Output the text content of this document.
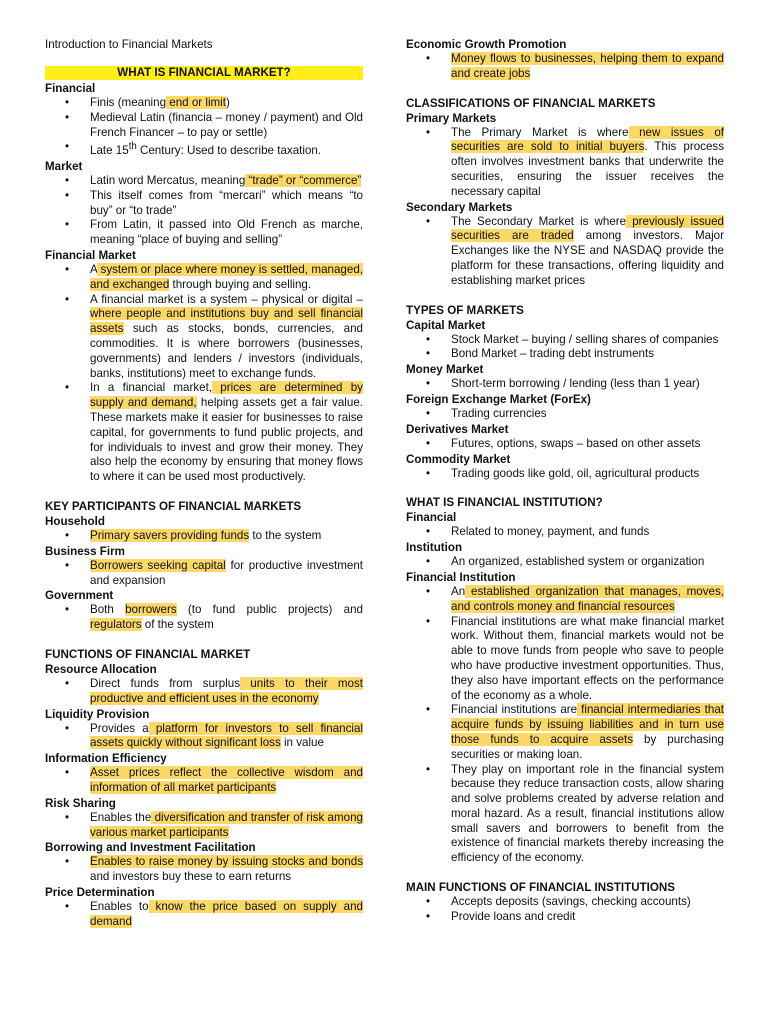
Introduction to Financial Markets
WHAT IS FINANCIAL MARKET?
Financial
• Finis (meaning end or limit)
• Medieval Latin (financia – money / payment) and Old French Financer – to pay or settle)
• Late 15th Century: Used to describe taxation.
Market
• Latin word Mercatus, meaning “trade” or “commerce”
• This itself comes from “mercari” which means “to buy” or “to trade”
• From Latin, it passed into Old French as marche, meaning “place of buying and selling”
Financial Market
• A system or place where money is settled, managed, and exchanged through buying and selling.
• A financial market is a system – physical or digital – where people and institutions buy and sell financial assets such as stocks, bonds, currencies, and commodities. It is where borrowers (businesses, governments) and lenders / investors (individuals, banks, institutions) meet to exchange funds.
• In a financial market, prices are determined by supply and demand, helping assets get a fair value. These markets make it easier for businesses to raise capital, for governments to fund public projects, and for individuals to invest and grow their money. They also help the economy by ensuring that money flows to where it can be used most productively.
KEY PARTICIPANTS OF FINANCIAL MARKETS
Household
• Primary savers providing funds to the system
Business Firm
• Borrowers seeking capital for productive investment and expansion
Government
• Both borrowers (to fund public projects) and regulators of the system
FUNCTIONS OF FINANCIAL MARKET
Resource Allocation
• Direct funds from surplus units to their most productive and efficient uses in the economy
Liquidity Provision
• Provides a platform for investors to sell financial assets quickly without significant loss in value
Information Efficiency
• Asset prices reflect the collective wisdom and information of all market participants
Risk Sharing
• Enables the diversification and transfer of risk among various market participants
Borrowing and Investment Facilitation
• Enables to raise money by issuing stocks and bonds and investors buy these to earn returns
Price Determination
• Enables to know the price based on supply and demand
Economic Growth Promotion
• Money flows to businesses, helping them to expand and create jobs
CLASSIFICATIONS OF FINANCIAL MARKETS
Primary Markets
• The Primary Market is where new issues of securities are sold to initial buyers. This process often involves investment banks that underwrite the securities, ensuring the issuer receives the necessary capital
Secondary Markets
• The Secondary Market is where previously issued securities are traded among investors. Major Exchanges like the NYSE and NASDAQ provide the platform for these transactions, offering liquidity and establishing market prices
TYPES OF MARKETS
Capital Market
• Stock Market – buying / selling shares of companies
• Bond Market – trading debt instruments
Money Market
• Short-term borrowing / lending (less than 1 year)
Foreign Exchange Market (ForEx)
• Trading currencies
Derivatives Market
• Futures, options, swaps – based on other assets
Commodity Market
• Trading goods like gold, oil, agricultural products
WHAT IS FINANCIAL INSTITUTION?
Financial
• Related to money, payment, and funds
Institution
• An organized, established system or organization
Financial Institution
• An established organization that manages, moves, and controls money and financial resources
• Financial institutions are what make financial market work. Without them, financial markets would not be able to move funds from people who save to people who have productive investment opportunities. Thus, they also have important effects on the performance of the economy as a whole.
• Financial institutions are financial intermediaries that acquire funds by issuing liabilities and in turn use those funds to acquire assets by purchasing securities or making loan.
• They play on important role in the financial system because they reduce transaction costs, allow sharing and solve problems created by adverse relation and moral hazard. As a result, financial institutions allow small savers and borrowers to benefit from the existence of financial markets thereby increasing the efficiency of the economy.
MAIN FUNCTIONS OF FINANCIAL INSTITUTIONS
• Accepts deposits (savings, checking accounts)
• Provide loans and credit
